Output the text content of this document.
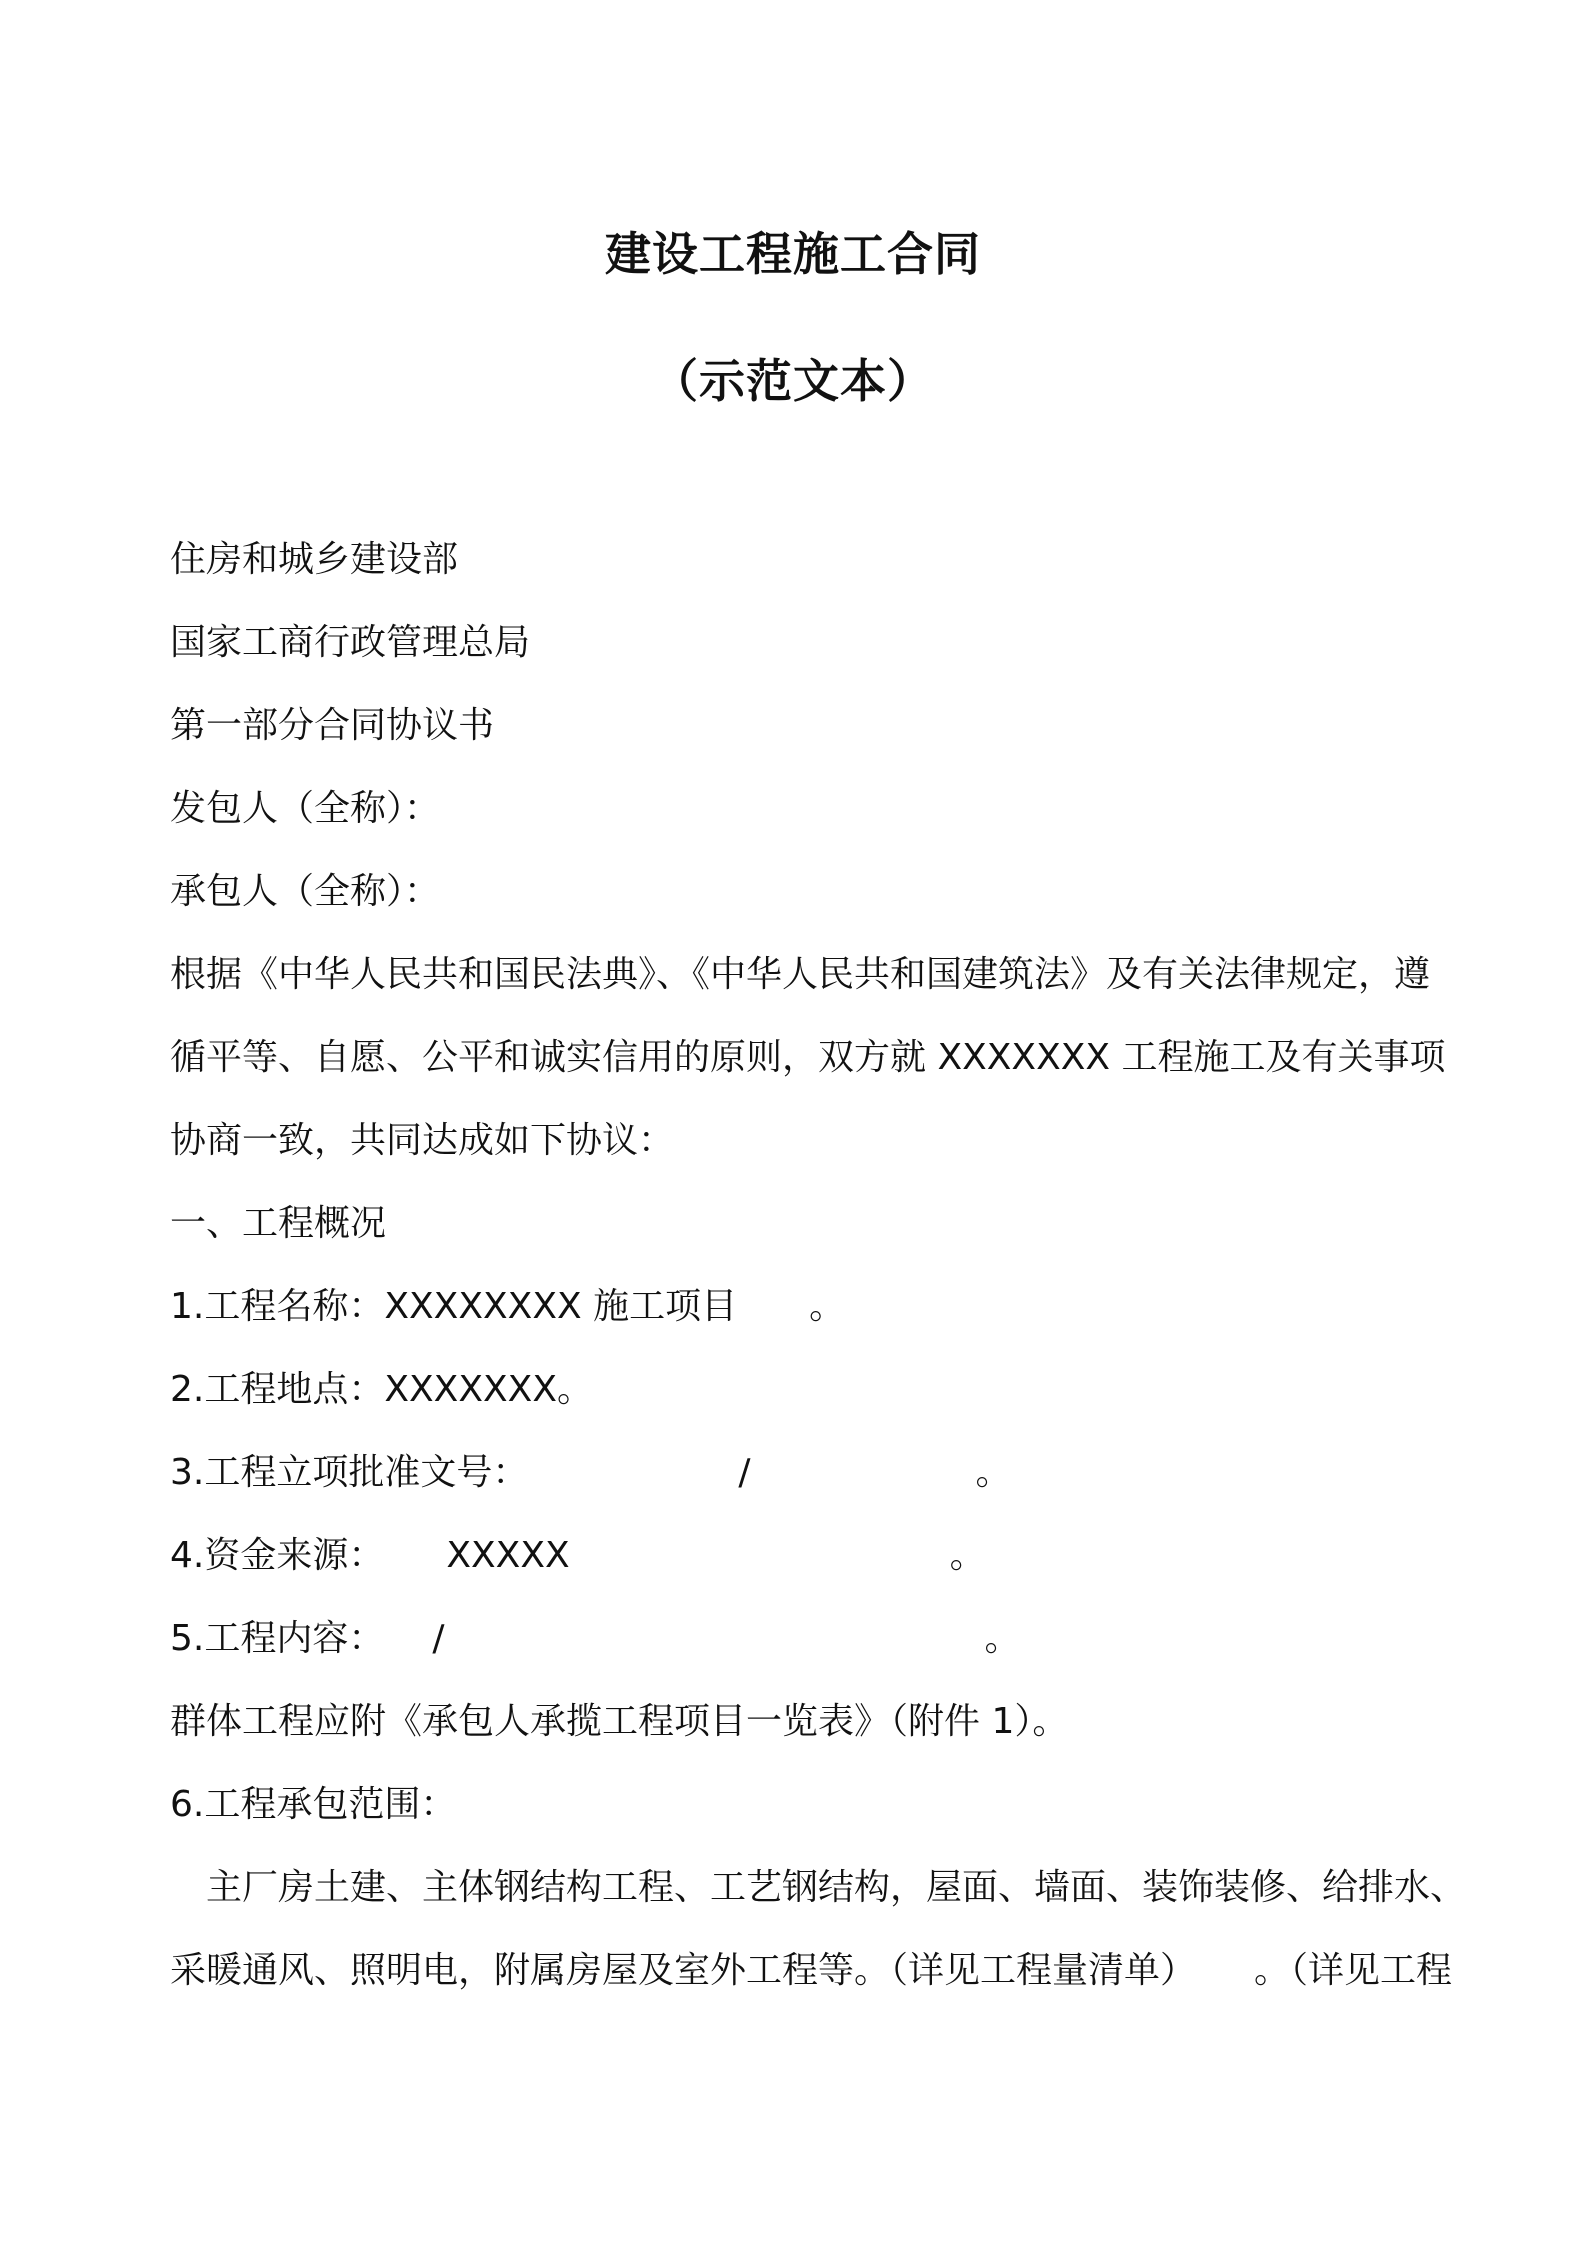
建设工程施工合同
（示范文本）
住房和城乡建设部
国家工商行政管理总局
第一部分合同协议书
发包人（全称）：
承包人（全称）：
根据《中华人民共和国民法典》、《中华人民共和国建筑法》及有关法律规定，遵
循平等、自愿、公平和诚实信用的原则，双方就 XXXXXXX 工程施工及有关事项
协商一致，共同达成如下协议：
一、工程概况
1.工程名称：XXXXXXXX 施工项目 。
2.工程地点：XXXXXXX。
3.工程立项批准文号：	/	。
4.资金来源： XXXXX	。
5.工程内容： /	。
群体工程应附《承包人承揽工程项目一览表》（附件 1）。
6.工程承包范围：
主厂房土建、主体钢结构工程、工艺钢结构，屋面、墙面、装饰装修、给排水、
采暖通风、照明电，附属房屋及室外工程等。（详见工程量清单） 。（详见工程
